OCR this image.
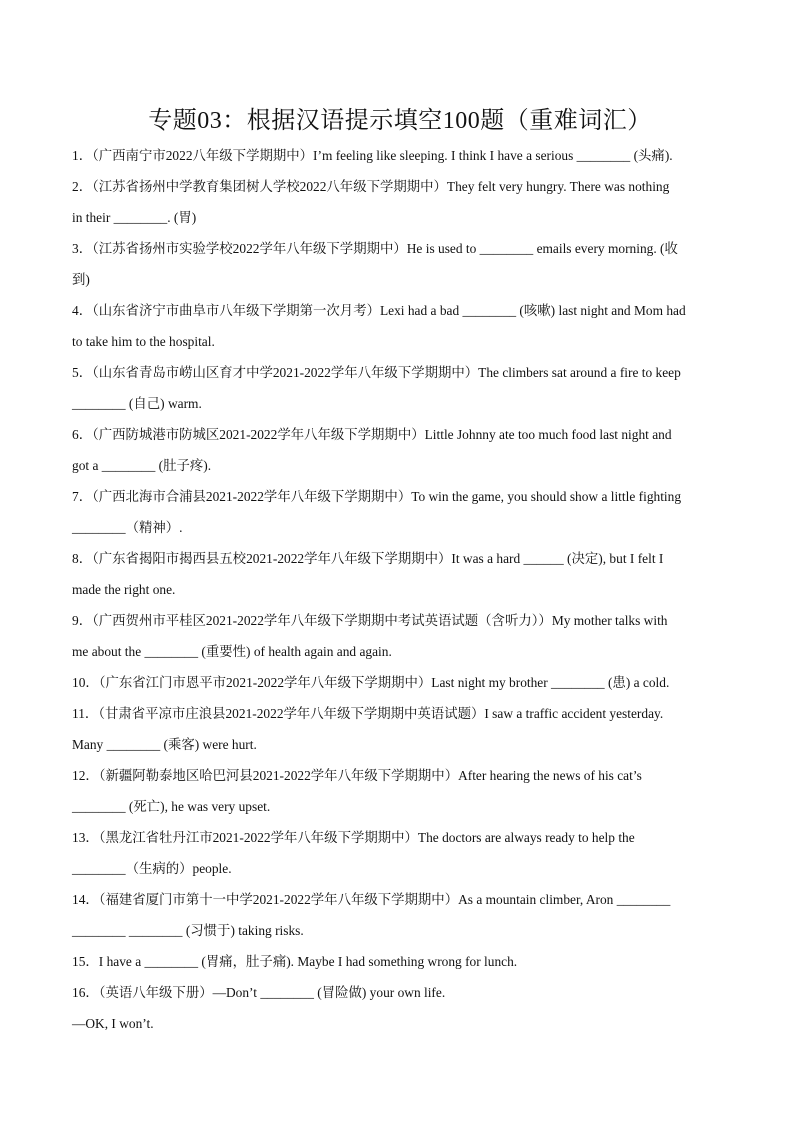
专题03：根据汉语提示填空100题（重难词汇）
1．（广西南宁市2022八年级下学期期中）I’m feeling like sleeping. I think I have a serious ________ (头痛).
2．（江苏省扬州中学教育集团树人学校2022八年级下学期期中）They felt very hungry. There was nothing
in their ________. (胃)
3．（江苏省扬州市实验学校2022学年八年级下学期期中）He is used to ________ emails every morning. (收
到)
4．（山东省济宁市曲阜市八年级下学期第一次月考）Lexi had a bad ________ (咳嗽) last night and Mom had
to take him to the hospital.
5．（山东省青岛市崂山区育才中学2021-2022学年八年级下学期期中）The climbers sat around a fire to keep
________ (自己) warm.
6．（广西防城港市防城区2021-2022学年八年级下学期期中）Little Johnny ate too much food last night and
got a ________ (肚子疼).
7．（广西北海市合浦县2021-2022学年八年级下学期期中）To win the game, you should show a little fighting
________（精神）.
8．（广东省揭阳市揭西县五校2021-2022学年八年级下学期期中）It was a hard ______ (决定), but I felt I
made the right one.
9．（广西贺州市平桂区2021-2022学年八年级下学期期中考试英语试题（含听力））My mother talks with
me about the ________ (重要性) of health again and again.
10．（广东省江门市恩平市2021-2022学年八年级下学期期中）Last night my brother ________ (患) a cold.
11．（甘肃省平凉市庄浪县2021-2022学年八年级下学期期中英语试题）I saw a traffic accident yesterday.
Many ________ (乘客) were hurt.
12．（新疆阿勒泰地区哈巴河县2021-2022学年八年级下学期期中）After hearing the news of his cat’s
________ (死亡), he was very upset.
13．（黑龙江省牡丹江市2021-2022学年八年级下学期期中）The doctors are always ready to help the
________（生病的）people.
14．（福建省厦门市第十一中学2021-2022学年八年级下学期期中）As a mountain climber, Aron ________
________ ________ (习惯于) taking risks.
15．I have a ________ (胃痛，肚子痛). Maybe I had something wrong for lunch.
16．（英语八年级下册）—Don’t ________ (冒险做) your own life.
—OK, I won’t.
